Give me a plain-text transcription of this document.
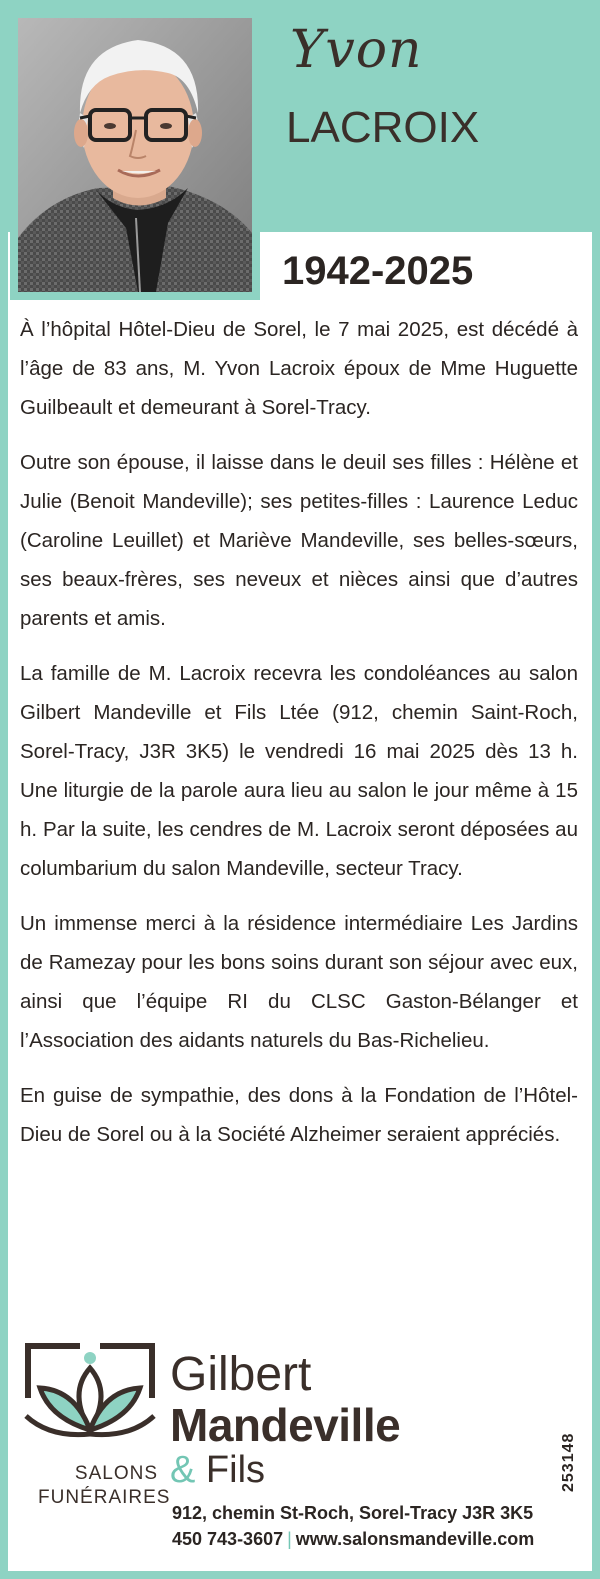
Yvon
LACROIX
1942-2025

À l’hôpital Hôtel-Dieu de Sorel, le 7 mai 2025, est décédé à l’âge de 83 ans, M. Yvon Lacroix époux de Mme Huguette Guilbeault et demeurant à Sorel-Tracy.

Outre son épouse, il laisse dans le deuil ses filles : Hélène et Julie (Benoit Mandeville); ses petites-filles : Laurence Leduc (Caroline Leuillet) et Mariève Mandeville, ses belles-sœurs, ses beaux-frères, ses neveux et nièces ainsi que d’autres parents et amis.

La famille de M. Lacroix recevra les condoléances au salon Gilbert Mandeville et Fils Ltée (912, chemin Saint-Roch, Sorel-Tracy, J3R 3K5) le vendredi 16 mai 2025 dès 13 h. Une liturgie de la parole aura lieu au salon le jour même à 15 h. Par la suite, les cendres de M. Lacroix seront déposées au columbarium du salon Mandeville, secteur Tracy.

Un immense merci à la résidence intermédiaire Les Jardins de Ramezay pour les bons soins durant son séjour avec eux, ainsi que l’équipe RI du CLSC Gaston-Bélanger et l’Association des aidants naturels du Bas-Richelieu.

En guise de sympathie, des dons à la Fondation de l’Hôtel-Dieu de Sorel ou à la Société Alzheimer seraient appréciés.

SALONS
FUNÉRAIRES
Gilbert
Mandeville
& Fils
912, chemin St-Roch, Sorel-Tracy J3R 3K5
450 743-3607 | www.salonsmandeville.com
253148
